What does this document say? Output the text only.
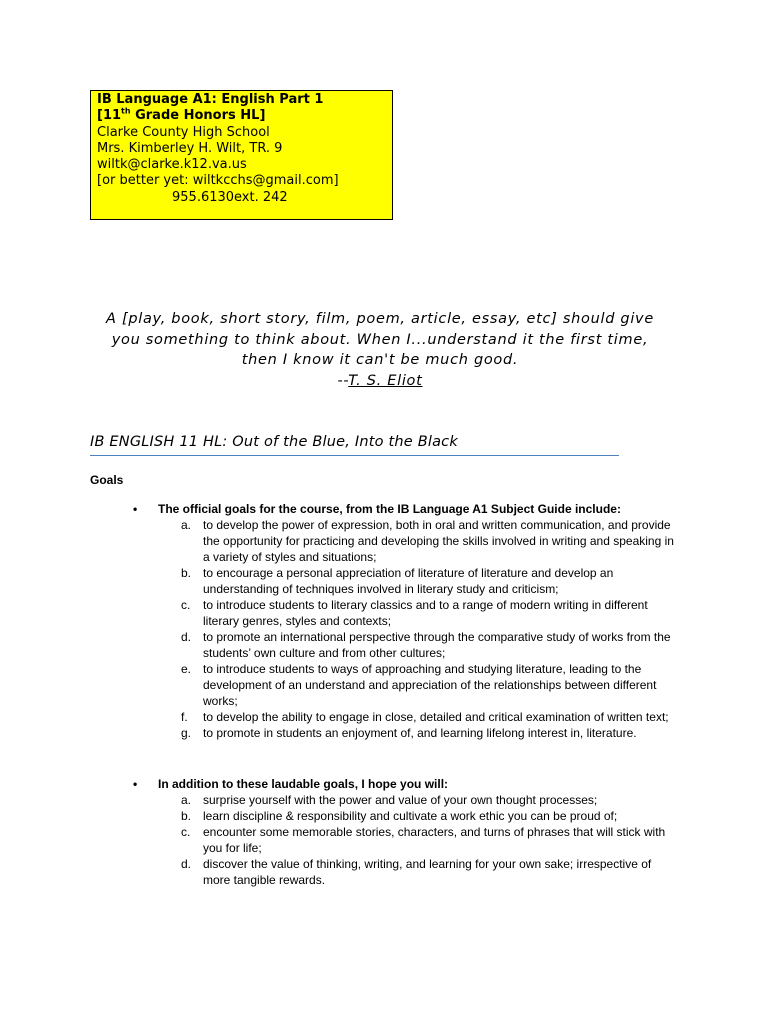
IB Language A1: English Part 1
[11th Grade Honors HL]
Clarke County High School
Mrs. Kimberley H. Wilt, TR. 9
wiltk@clarke.k12.va.us
[or better yet: wiltkcchs@gmail.com]
955.6130ext. 242
A [play, book, short story, film, poem, article, essay, etc] should give
you something to think about. When I...understand it the first time,
then I know it can't be much good.
--T. S. Eliot
IB ENGLISH 11 HL: Out of the Blue, Into the Black
Goals
• The official goals for the course, from the IB Language A1 Subject Guide include:
a. to develop the power of expression, both in oral and written communication, and provide the opportunity for practicing and developing the skills involved in writing and speaking in a variety of styles and situations;
b. to encourage a personal appreciation of literature of literature and develop an understanding of techniques involved in literary study and criticism;
c. to introduce students to literary classics and to a range of modern writing in different literary genres, styles and contexts;
d. to promote an international perspective through the comparative study of works from the students’ own culture and from other cultures;
e. to introduce students to ways of approaching and studying literature, leading to the development of an understand and appreciation of the relationships between different works;
f. to develop the ability to engage in close, detailed and critical examination of written text;
g. to promote in students an enjoyment of, and learning lifelong interest in, literature.
• In addition to these laudable goals, I hope you will:
a. surprise yourself with the power and value of your own thought processes;
b. learn discipline & responsibility and cultivate a work ethic you can be proud of;
c. encounter some memorable stories, characters, and turns of phrases that will stick with you for life;
d. discover the value of thinking, writing, and learning for your own sake; irrespective of more tangible rewards.
